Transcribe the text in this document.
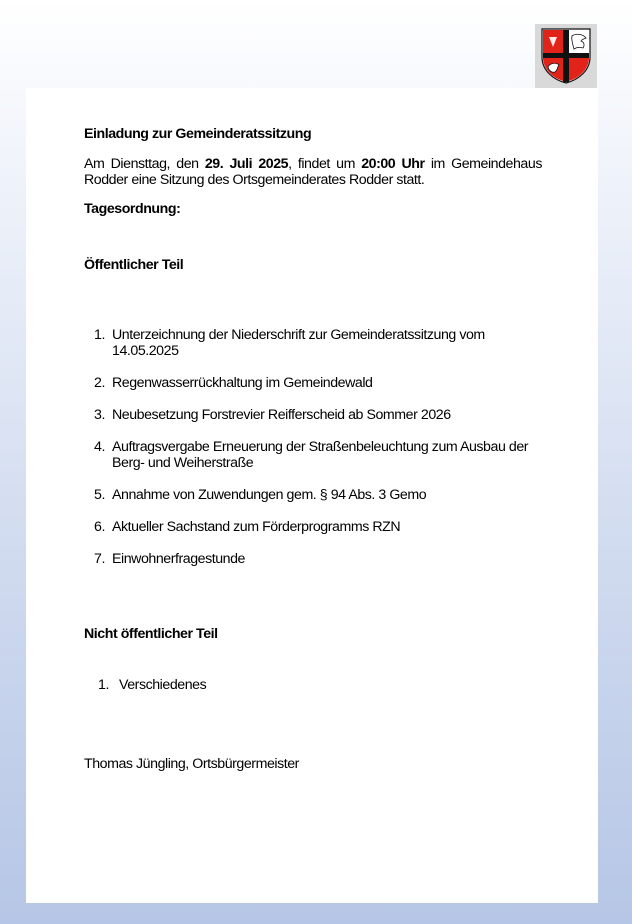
Einladung zur Gemeinderatssitzung

Am Diensttag, den 29. Juli 2025, findet um 20:00 Uhr im Gemeindehaus Rodder eine Sitzung des Ortsgemeinderates Rodder statt.

Tagesordnung:

Öffentlicher Teil

1. Unterzeichnung der Niederschrift zur Gemeinderatssitzung vom 14.05.2025
2. Regenwasserrückhaltung im Gemeindewald
3. Neubesetzung Forstrevier Reifferscheid ab Sommer 2026
4. Auftragsvergabe Erneuerung der Straßenbeleuchtung zum Ausbau der Berg- und Weiherstraße
5. Annahme von Zuwendungen gem. § 94 Abs. 3 Gemo
6. Aktueller Sachstand zum Förderprogramms RZN
7. Einwohnerfragestunde

Nicht öffentlicher Teil

1. Verschiedenes

Thomas Jüngling, Ortsbürgermeister
